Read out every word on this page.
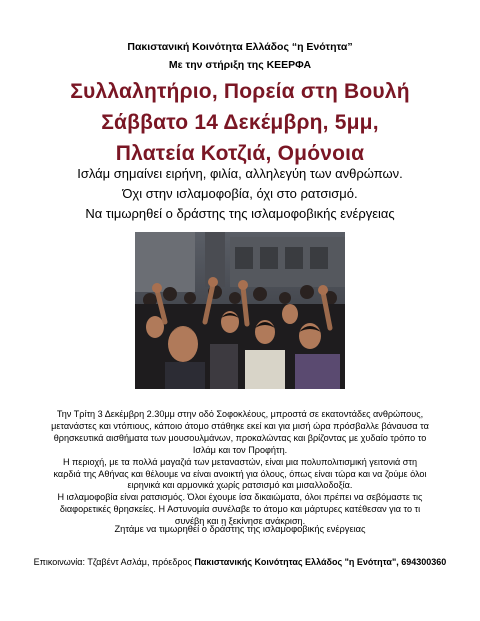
Πακιστανική Κοινότητα Ελλάδος “η Ενότητα”
Με την στήριξη της ΚΕΕΡΦΑ
Συλλαλητήριο, Πορεία στη Βουλή
Σάββατο 14 Δεκέμβρη, 5μμ,
Πλατεία Κοτζιά, Ομόνοια
Ισλάμ σημαίνει ειρήνη, φιλία, αλληλεγύη των ανθρώπων.
Όχι στην ισλαμοφοβία, όχι στο ρατσισμό.
Να τιμωρηθεί ο δράστης της ισλαμοφοβικής ενέργειας

Την Τρίτη 3 Δεκέμβρη 2.30μμ στην οδό Σοφοκλέους, μπροστά σε εκατοντάδες ανθρώπους, μετανάστες και ντόπιους, κάποιο άτομο στάθηκε εκεί και για μισή ώρα πρόσβαλλε βάναυσα τα θρησκευτικά αισθήματα των μουσουλμάνων, προκαλώντας και βρίζοντας με χυδαίο τρόπο το Ισλάμ και τον Προφήτη.

Η περιοχή, με τα πολλά μαγαζιά των μεταναστών, είναι μια πολυπολιτισμική γειτονιά στη καρδιά της Αθήνας και θέλουμε να είναι ανοικτή για όλους, όπως είναι τώρα και να ζούμε όλοι ειρηνικά και αρμονικά χωρίς ρατσισμό και μισαλλοδοξία.

Η ισλαμοφοβία είναι ρατσισμός. Όλοι έχουμε ίσα δικαιώματα, όλοι πρέπει να σεβόμαστε τις διαφορετικές θρησκείες. Η Αστυνομία συνέλαβε το άτομο και μάρτυρες κατέθεσαν για το τι συνέβη και η ξεκίνησε ανάκριση.

Ζητάμε να τιμωρηθεί ο δράστης της ισλαμοφοβικής ενέργειας
Επικοινωνία: Τζαβέντ Ασλάμ, πρόεδρος Πακιστανικής Κοινότητας Ελλάδος "η Ενότητα", 694300360
